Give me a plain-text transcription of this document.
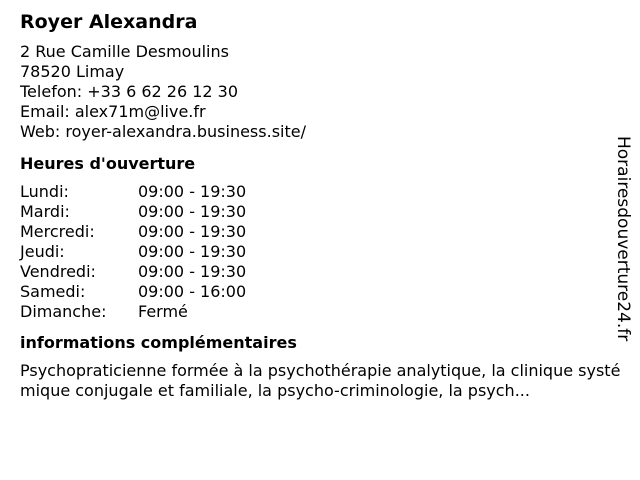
Royer Alexandra
2 Rue Camille Desmoulins
78520 Limay
Telefon: +33 6 62 26 12 30
Email: alex71m@live.fr
Web: royer-alexandra.business.site/
Heures d'ouverture
Lundi:	09:00 - 19:30
Mardi:	09:00 - 19:30
Mercredi:	09:00 - 19:30
Jeudi:	09:00 - 19:30
Vendredi:	09:00 - 19:30
Samedi:	09:00 - 16:00
Dimanche:	Fermé
informations complémentaires
Psychopraticienne formée à la psychothérapie analytique, la clinique systémique conjugale et familiale, la psycho-criminologie, la psych...
Horairesdouverture24.fr
